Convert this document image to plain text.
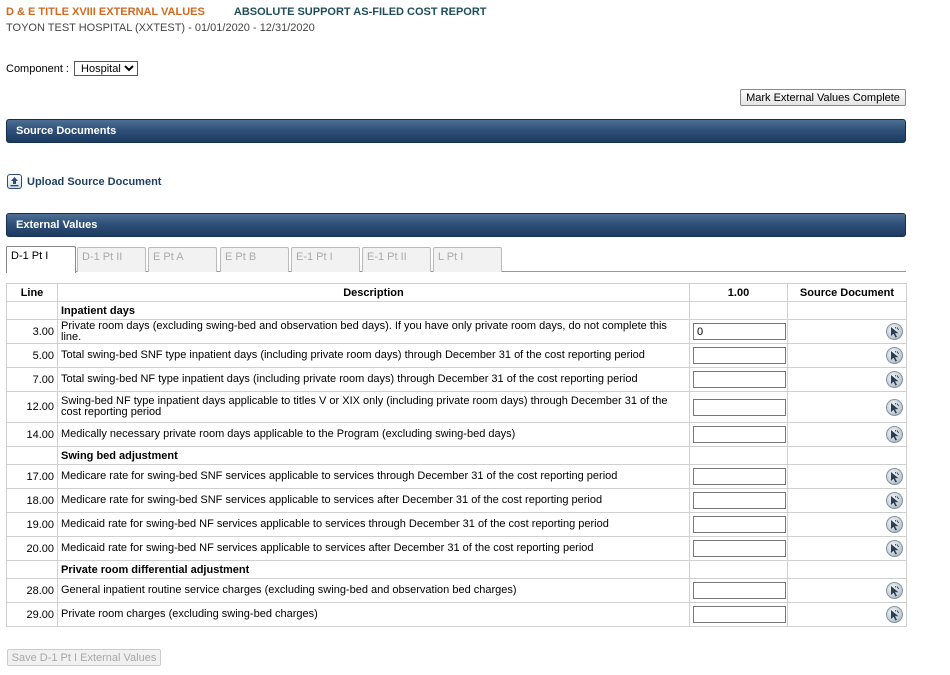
D & E TITLE XVIII EXTERNAL VALUES	ABSOLUTE SUPPORT AS-FILED COST REPORT
TOYON TEST HOSPITAL (XXTEST) - 01/01/2020 - 12/31/2020
Component :
Hospital
Mark External Values Complete
Source Documents
Upload Source Document
External Values
D-1 Pt I	D-1 Pt II	E Pt A	E Pt B	E-1 Pt I	E-1 Pt II	L Pt I
Line	Description	1.00	Source Document
	Inpatient days		
3.00	Private room days (excluding swing-bed and observation bed days). If you have only private room days, do not complete this line.	0	

5.00	Total swing-bed SNF type inpatient days (including private room days) through December 31 of the cost reporting period		

7.00	Total swing-bed NF type inpatient days (including private room days) through December 31 of the cost reporting period		

12.00	Swing-bed NF type inpatient days applicable to titles V or XIX only (including private room days) through December 31 of the cost reporting period		

14.00	Medically necessary private room days applicable to the Program (excluding swing-bed days)		

	Swing bed adjustment		
17.00	Medicare rate for swing-bed SNF services applicable to services through December 31 of the cost reporting period		

18.00	Medicare rate for swing-bed SNF services applicable to services after December 31 of the cost reporting period		

19.00	Medicaid rate for swing-bed NF services applicable to services through December 31 of the cost reporting period		

20.00	Medicaid rate for swing-bed NF services applicable to services after December 31 of the cost reporting period		

	Private room differential adjustment		
28.00	General inpatient routine service charges (excluding swing-bed and observation bed charges)		

29.00	Private room charges (excluding swing-bed charges)		
Save D-1 Pt I External Values
